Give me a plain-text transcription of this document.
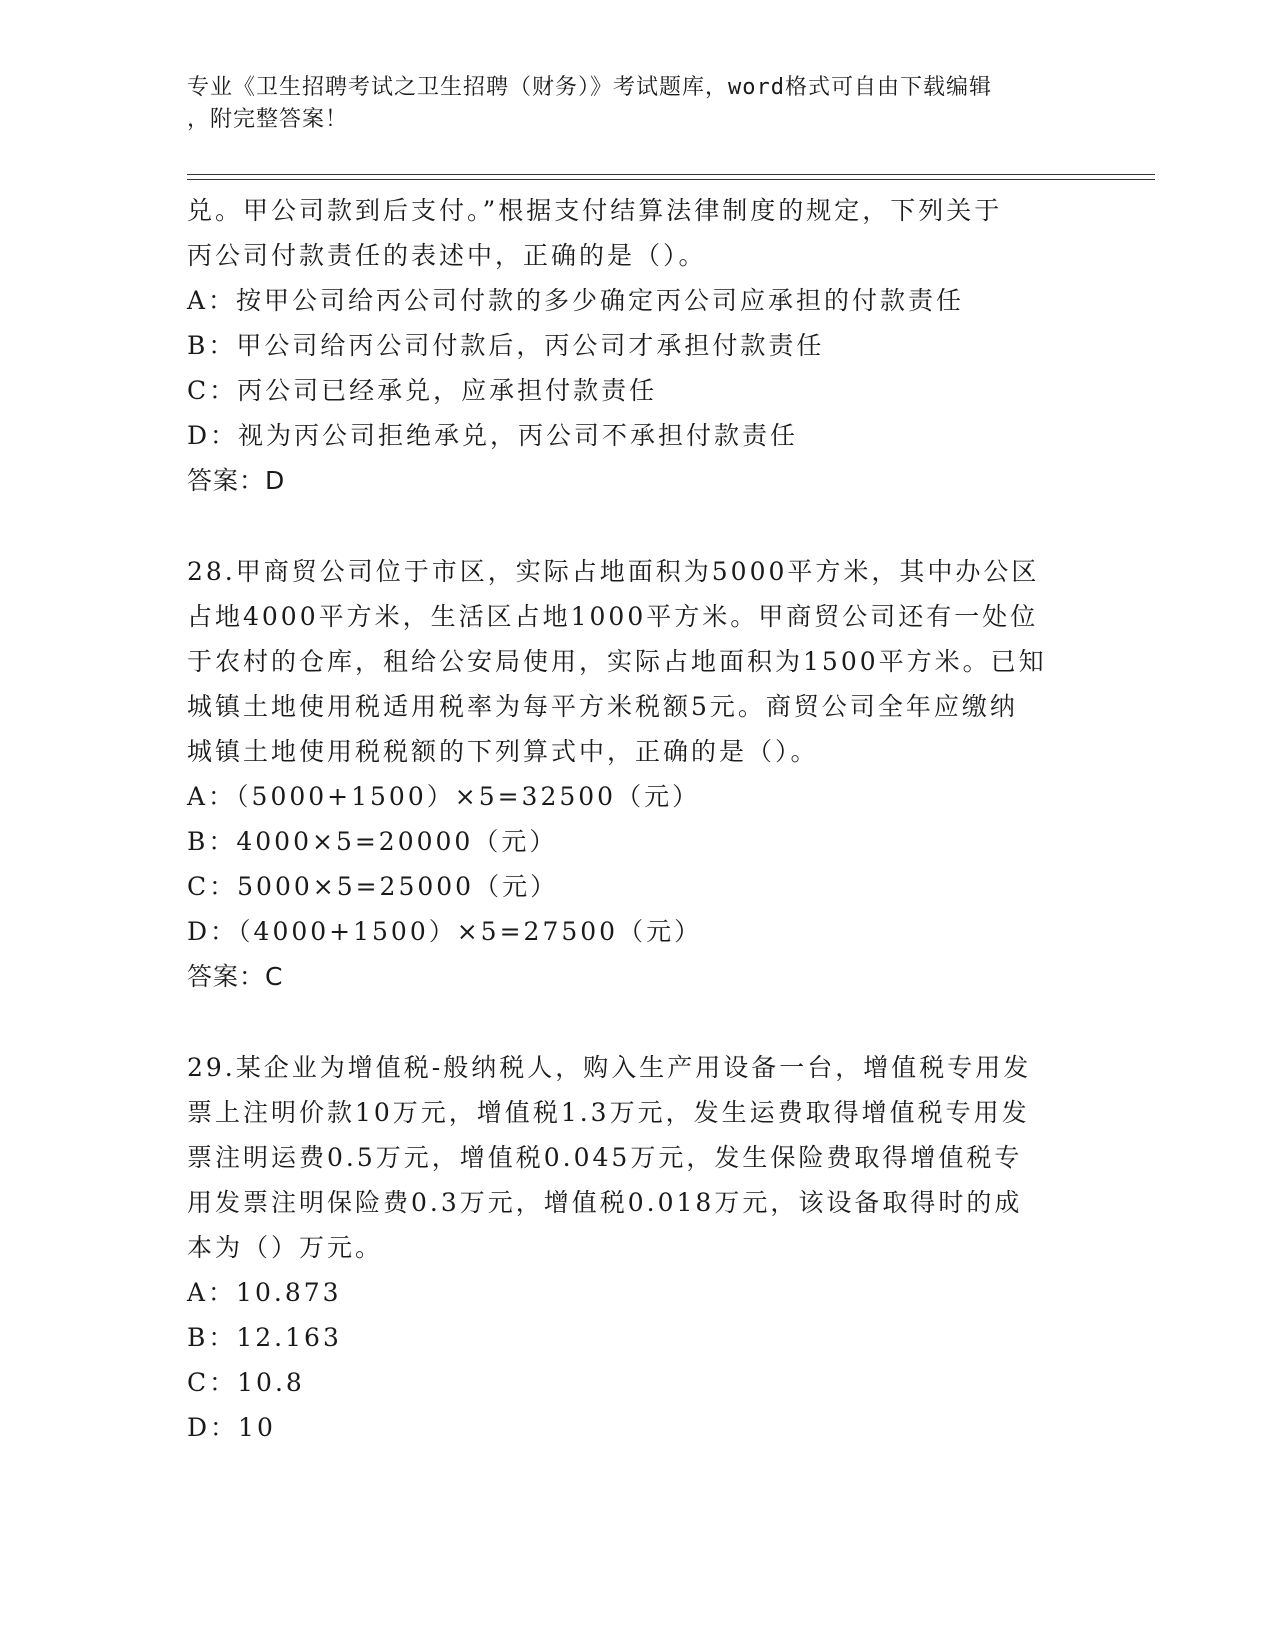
专业《卫生招聘考试之卫生招聘（财务）》考试题库，word格式可自由下载编辑
，附完整答案！

兑。甲公司款到后支付。”根据支付结算法律制度的规定，下列关于

丙公司付款责任的表述中，正确的是（）。

A：按甲公司给丙公司付款的多少确定丙公司应承担的付款责任

B：甲公司给丙公司付款后，丙公司才承担付款责任

C：丙公司已经承兑，应承担付款责任

D：视为丙公司拒绝承兑，丙公司不承担付款责任

答案：D

28.甲商贸公司位于市区，实际占地面积为5000平方米，其中办公区

占地4000平方米，生活区占地1000平方米。甲商贸公司还有一处位

于农村的仓库，租给公安局使用，实际占地面积为1500平方米。已知

城镇土地使用税适用税率为每平方米税额5元。商贸公司全年应缴纳

城镇土地使用税税额的下列算式中，正确的是（）。

A：（5000+1500）×5=32500（元）

B：4000×5=20000（元）

C：5000×5=25000（元）

D：（4000+1500）×5=27500（元）

答案：C

29.某企业为增值税-般纳税人，购入生产用设备一台，增值税专用发

票上注明价款10万元，增值税1.3万元，发生运费取得增值税专用发

票注明运费0.5万元，增值税0.045万元，发生保险费取得增值税专

用发票注明保险费0.3万元，增值税0.018万元，该设备取得时的成

本为（）万元。

A：10.873

B：12.163

C：10.8

D：10
